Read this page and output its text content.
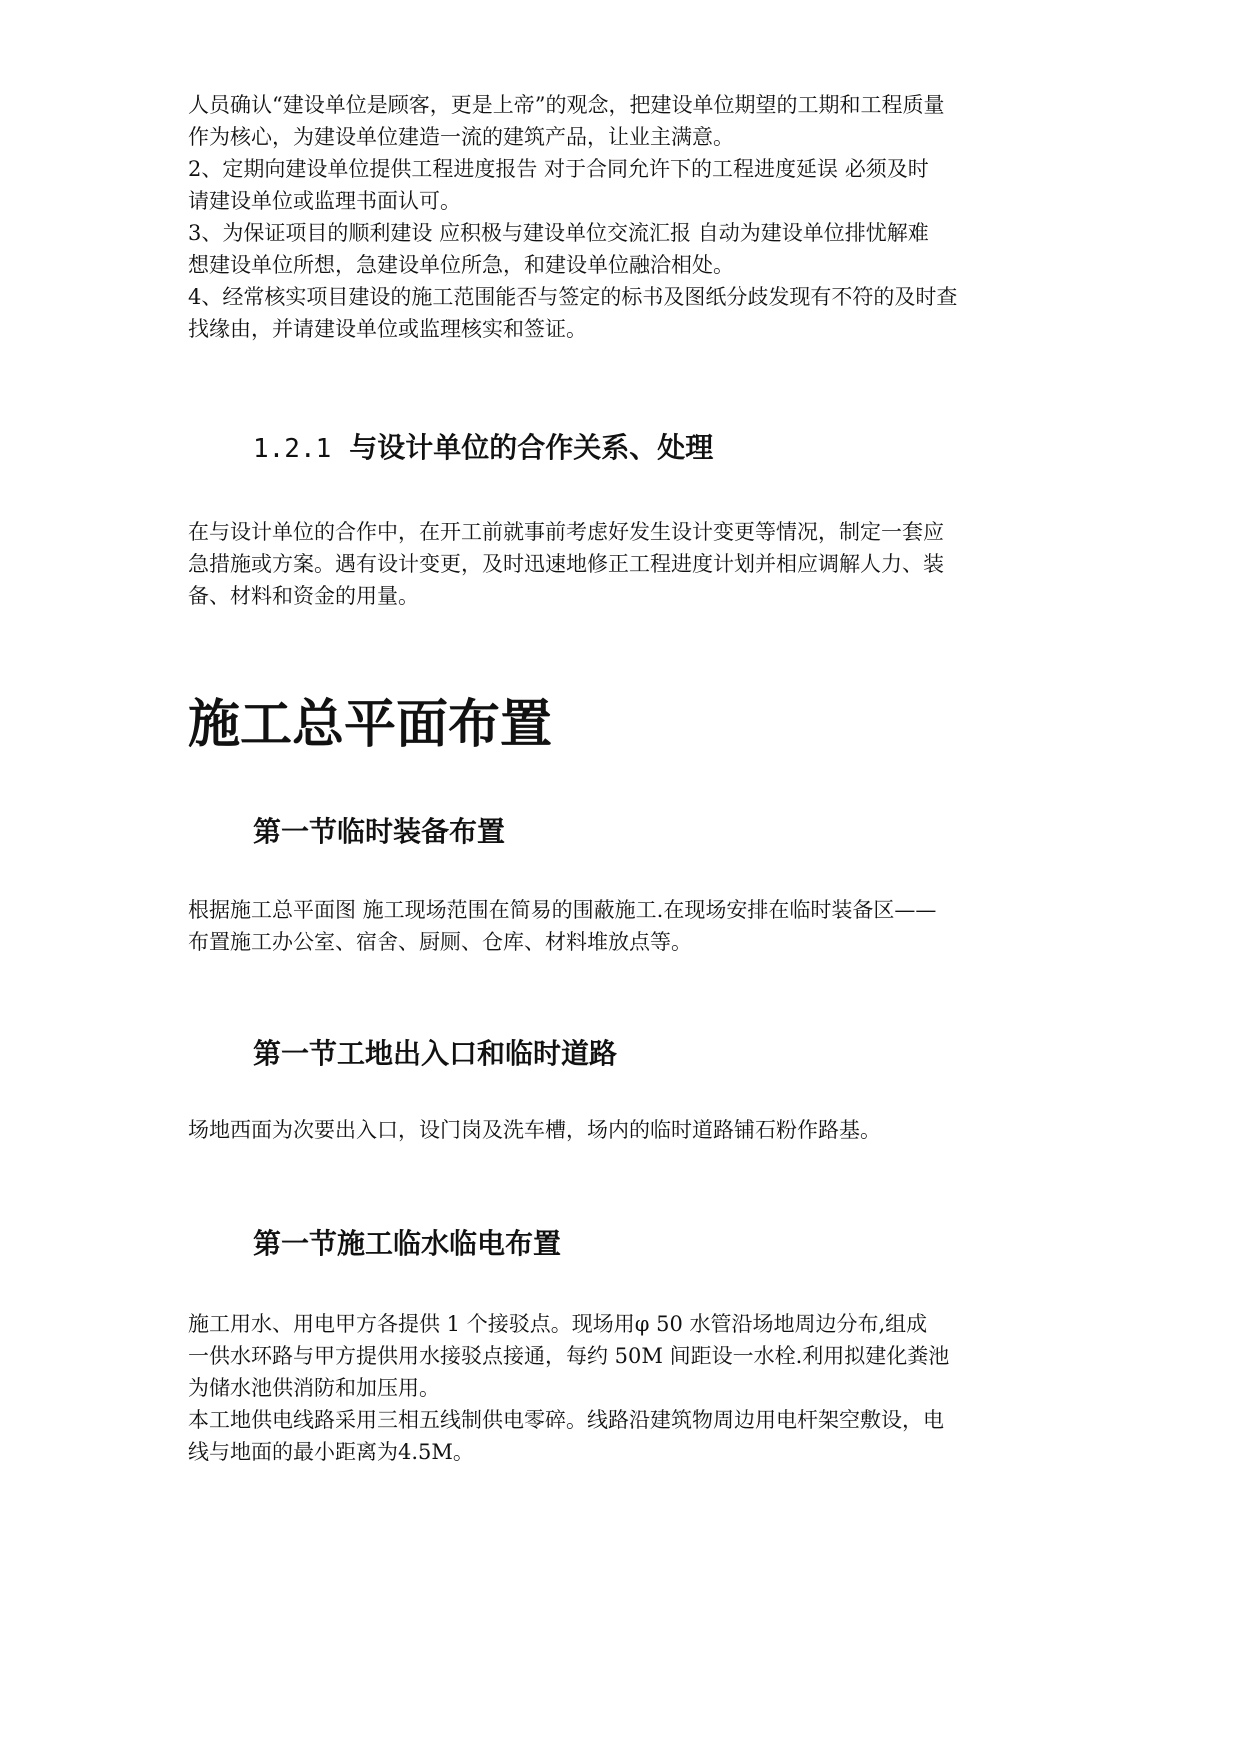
人员确认“建设单位是顾客，更是上帝”的观念，把建设单位期望的工期和工程质量
作为核心，为建设单位建造一流的建筑产品，让业主满意。
2、定期向建设单位提供工程进度报告 对于合同允许下的工程进度延误 必须及时
请建设单位或监理书面认可。
3、为保证项目的顺利建设 应积极与建设单位交流汇报 自动为建设单位排忧解难
想建设单位所想，急建设单位所急，和建设单位融洽相处。
4、经常核实项目建设的施工范围能否与签定的标书及图纸分歧发现有不符的及时查
找缘由，并请建设单位或监理核实和签证。
1.2.1 与设计单位的合作关系、处理
在与设计单位的合作中，在开工前就事前考虑好发生设计变更等情况，制定一套应
急措施或方案。遇有设计变更，及时迅速地修正工程进度计划并相应调解人力、装
备、材料和资金的用量。
施工总平面布置
第一节临时装备布置
根据施工总平面图 施工现场范围在简易的围蔽施工.在现场安排在临时装备区——
布置施工办公室、宿舍、厨厕、仓库、材料堆放点等。
第一节工地出入口和临时道路
场地西面为次要出入口，设门岗及洗车槽，场内的临时道路铺石粉作路基。
第一节施工临水临电布置
施工用水、用电甲方各提供 1 个接驳点。现场用φ 50 水管沿场地周边分布,组成
一供水环路与甲方提供用水接驳点接通，每约 50M 间距设一水栓.利用拟建化粪池
为储水池供消防和加压用。
本工地供电线路采用三相五线制供电零碎。线路沿建筑物周边用电杆架空敷设，电
线与地面的最小距离为4.5M。
